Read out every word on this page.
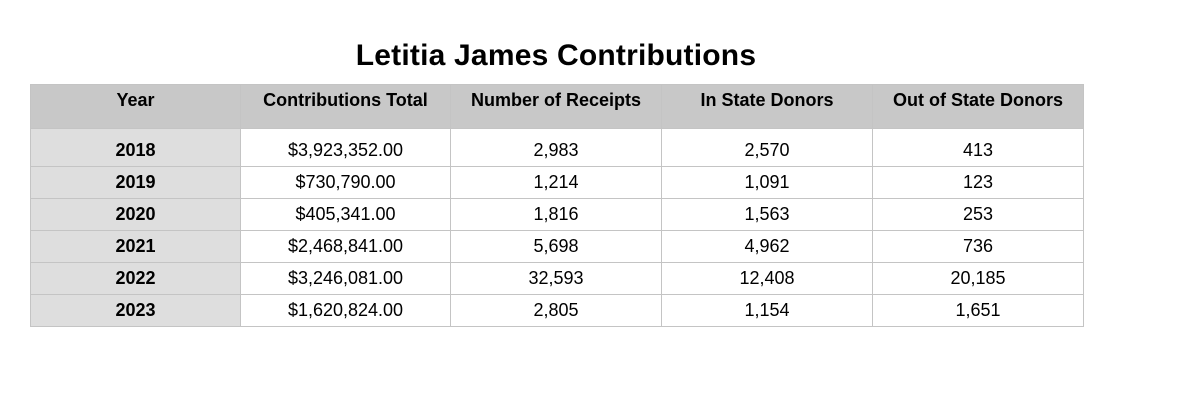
Letitia James Contributions
Year	Contributions Total	Number of Receipts	In State Donors	Out of State Donors
2018	$3,923,352.00	2,983	2,570	413
2019	$730,790.00	1,214	1,091	123
2020	$405,341.00	1,816	1,563	253
2021	$2,468,841.00	5,698	4,962	736
2022	$3,246,081.00	32,593	12,408	20,185
2023	$1,620,824.00	2,805	1,154	1,651
